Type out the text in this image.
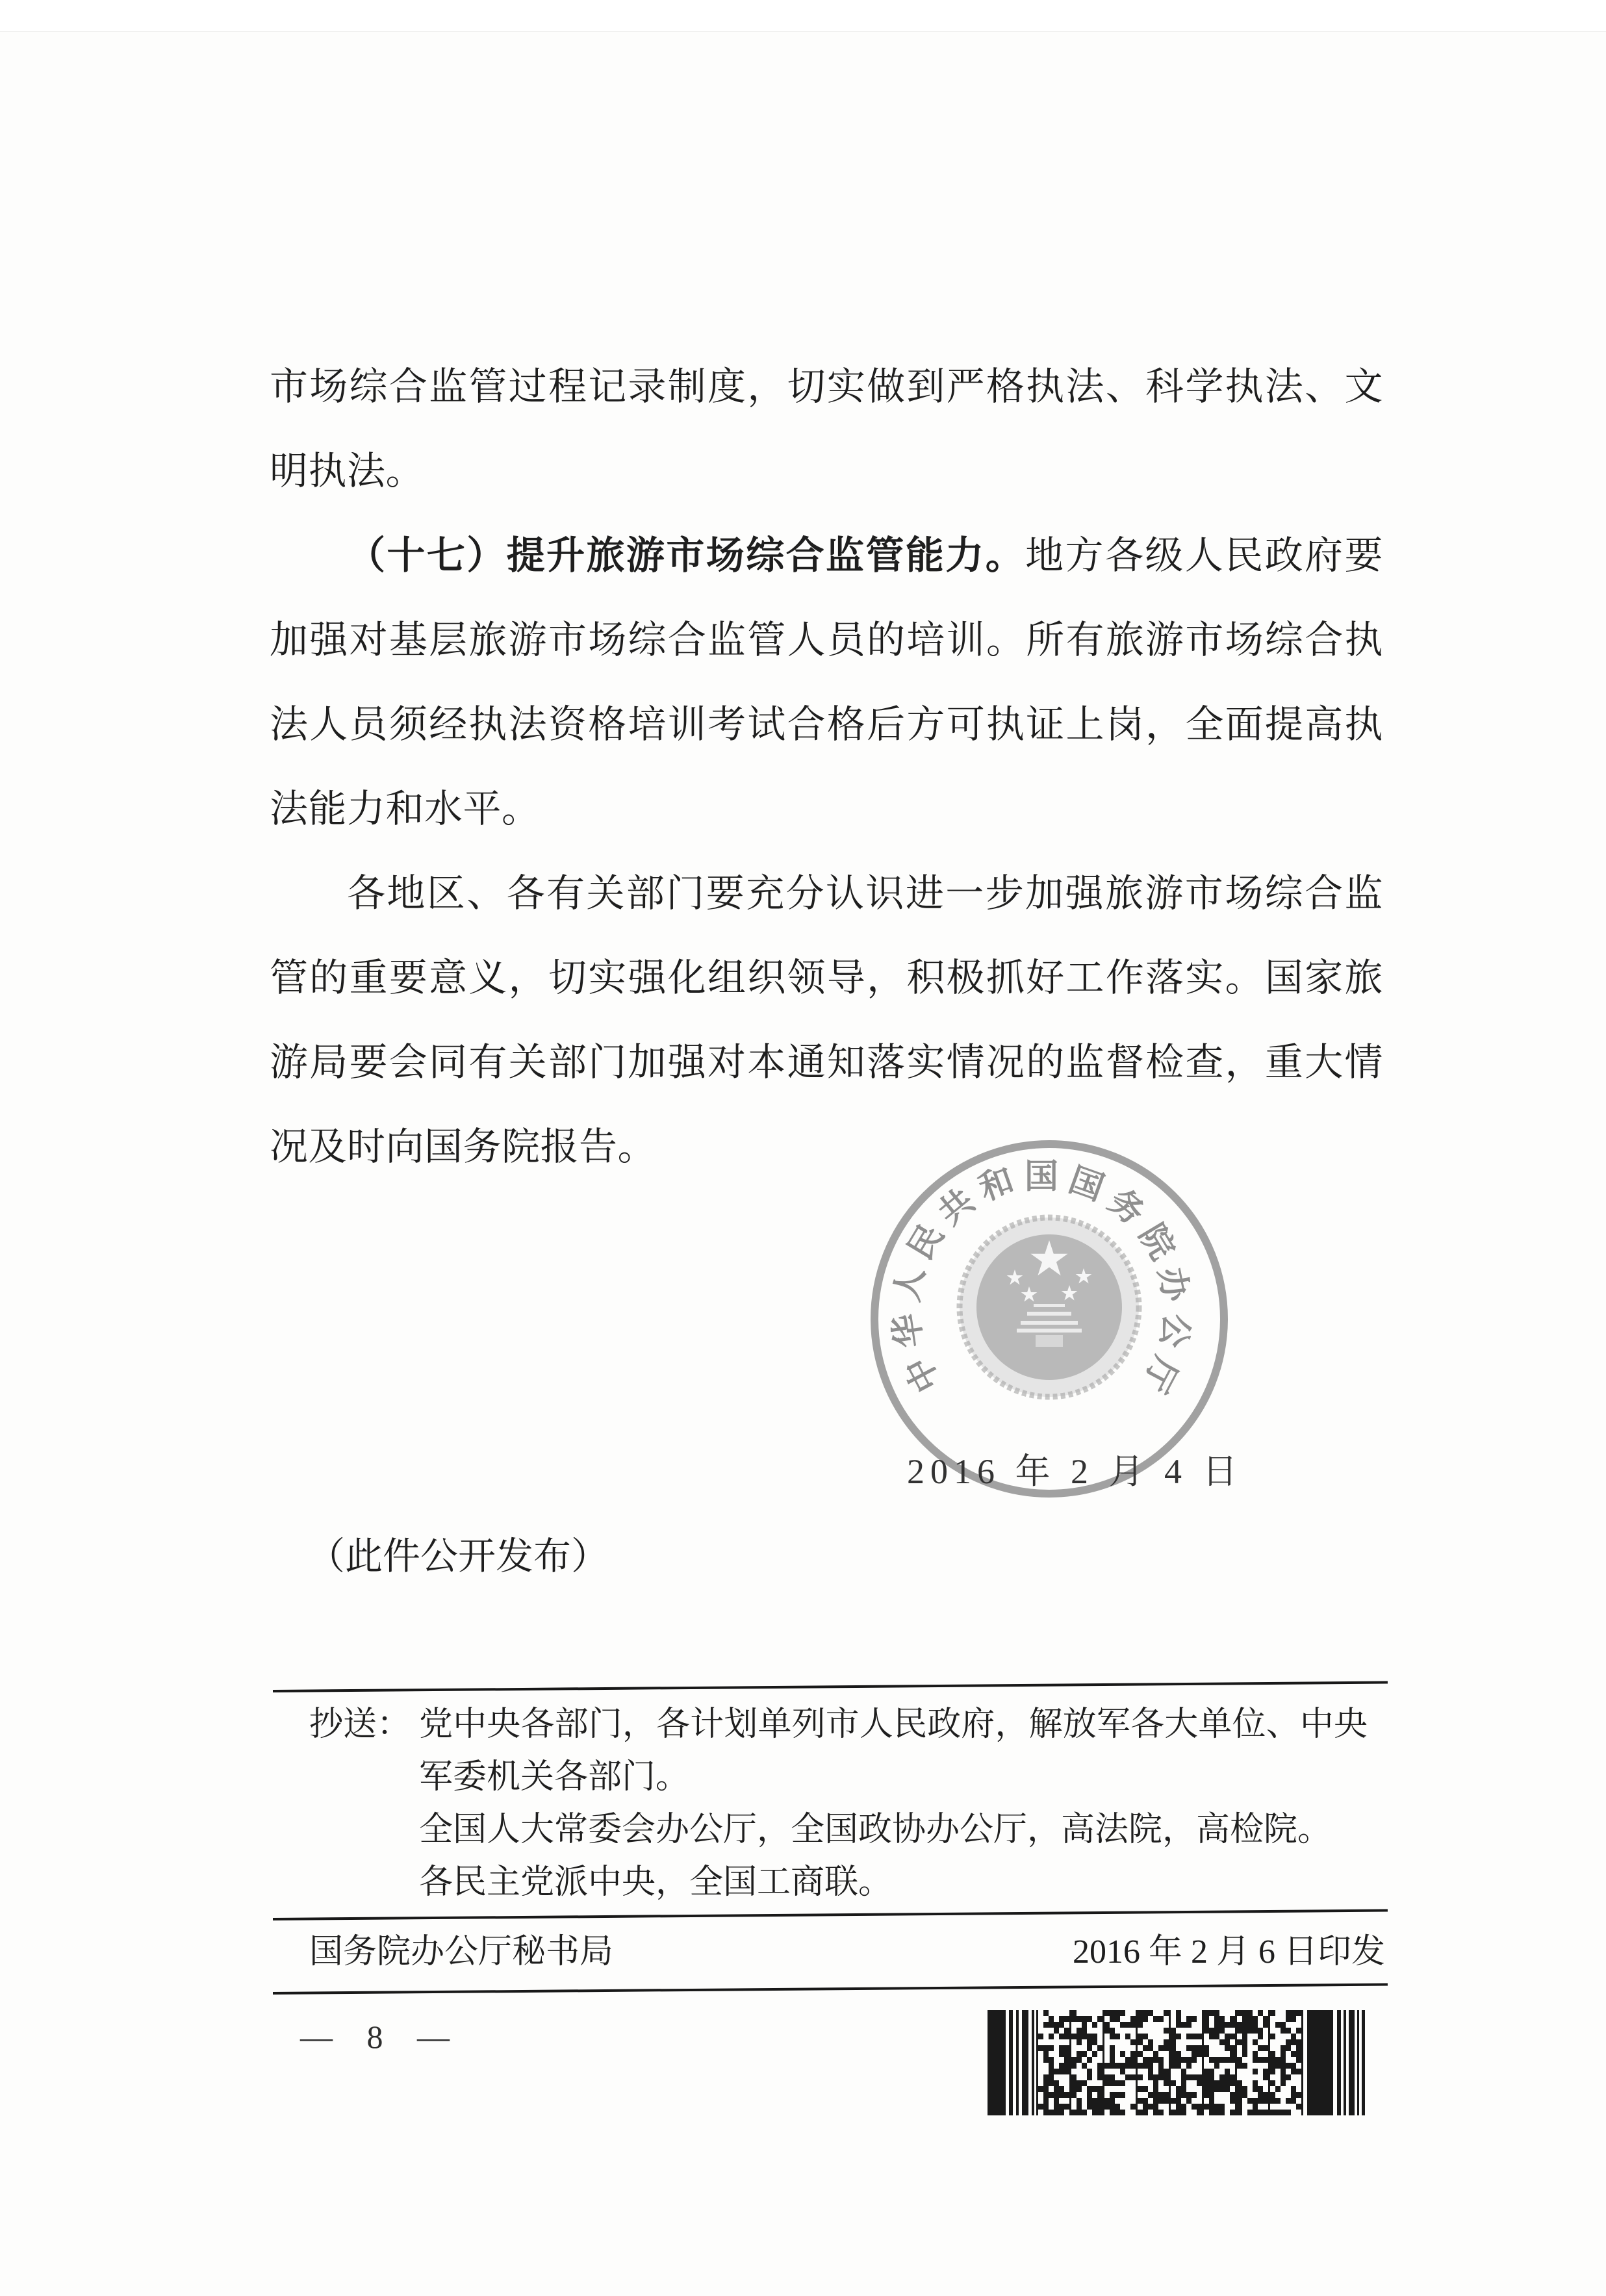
市场综合监管过程记录制度，切实做到严格执法、科学执法、文明执法。

（十七）提升旅游市场综合监管能力。地方各级人民政府要加强对基层旅游市场综合监管人员的培训。所有旅游市场综合执法人员须经执法资格培训考试合格后方可执证上岗，全面提高执法能力和水平。

各地区、各有关部门要充分认识进一步加强旅游市场综合监管的重要意义，切实强化组织领导，积极抓好工作落实。国家旅游局要会同有关部门加强对本通知落实情况的监督检查，重大情况及时向国务院报告。

中
华
人
民
共
和 国 国
务
院
办
公
厅
2016 年 2 月 4 日
（此件公开发布）
抄送： 党中央各部门，各计划单列市人民政府，解放军各大单位、中央军委机关各部门。
全国人大常委会办公厅，全国政协办公厅，高法院，高检院。
各民主党派中央，全国工商联。
国务院办公厅秘书局	2016 年 2 月 6 日印发
— 8 —
